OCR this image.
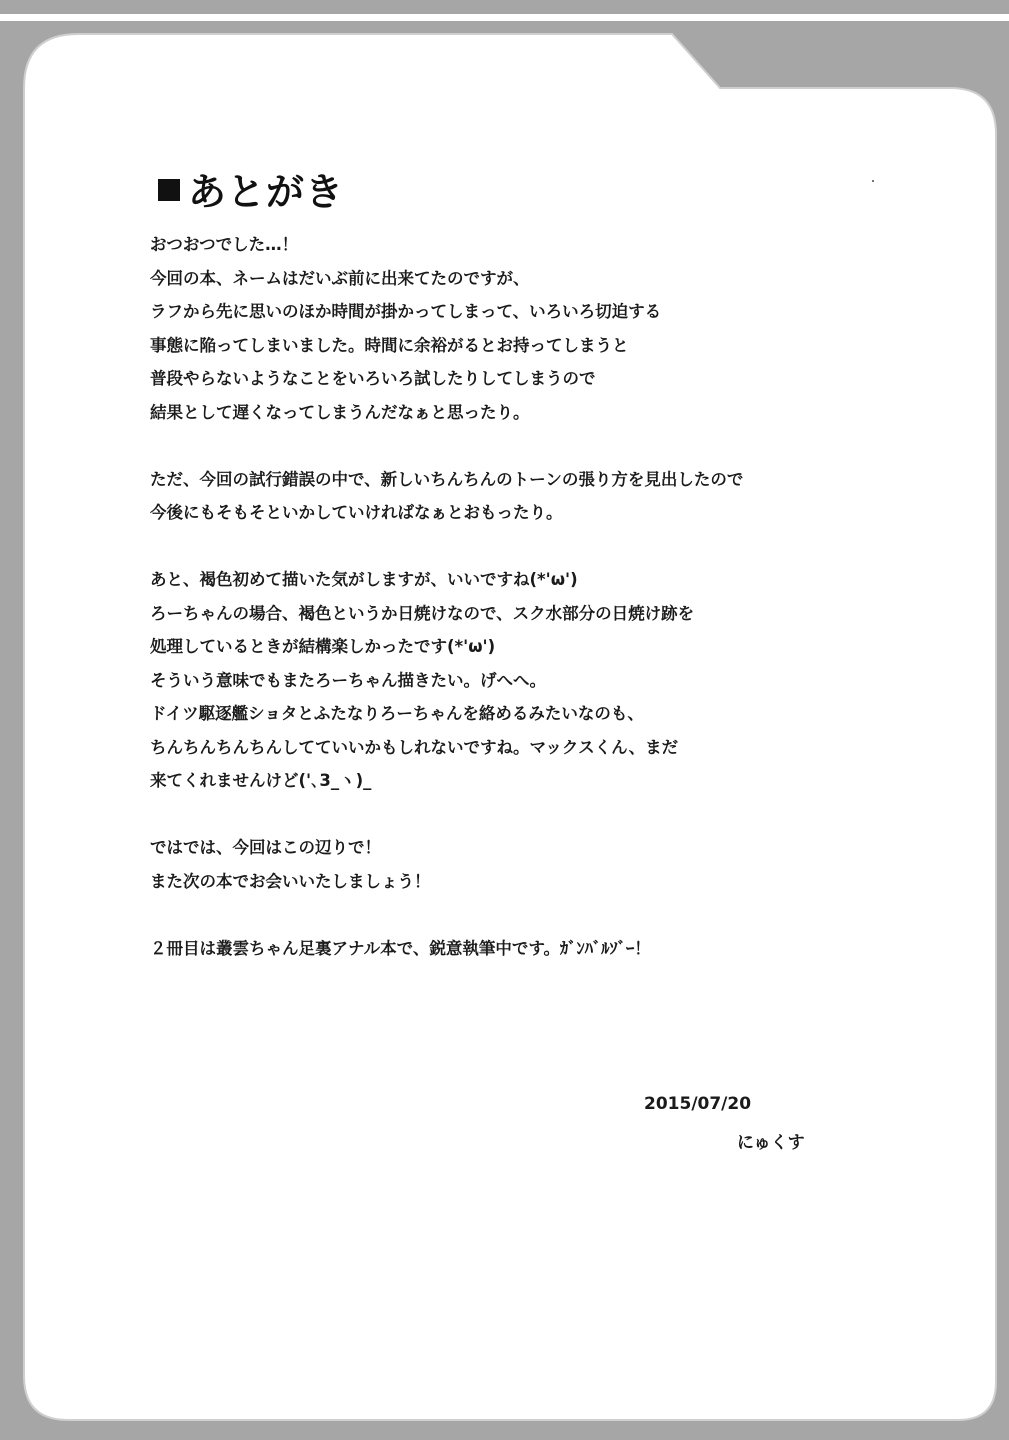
あとがき
おつおつでした…！
今回の本、ネームはだいぶ前に出来てたのですが、
ラフから先に思いのほか時間が掛かってしまって、いろいろ切迫する
事態に陥ってしまいました。時間に余裕がるとお持ってしまうと
普段やらないようなことをいろいろ試したりしてしまうので
結果として遅くなってしまうんだなぁと思ったり。
ただ、今回の試行錯誤の中で、新しいちんちんのトーンの張り方を見出したので
今後にもそもそといかしていければなぁとおもったり。
あと、褐色初めて描いた気がしますが、いいですね(*'ω')
ろーちゃんの場合、褐色というか日焼けなので、スク水部分の日焼け跡を
処理しているときが結構楽しかったです(*'ω')
そういう意味でもまたろーちゃん描きたい。げへへ。
ドイツ駆逐艦ショタとふたなりろーちゃんを絡めるみたいなのも、
ちんちんちんちんしてていいかもしれないですね。マックスくん、まだ
来てくれませんけど('､3_ヽ)_
ではでは、今回はこの辺りで！
また次の本でお会いいたしましょう！
２冊目は叢雲ちゃん足裏アナル本で、鋭意執筆中です。ｶﾞﾝﾊﾞﾙｿﾞｰ！
2015/07/20
にゅくす
